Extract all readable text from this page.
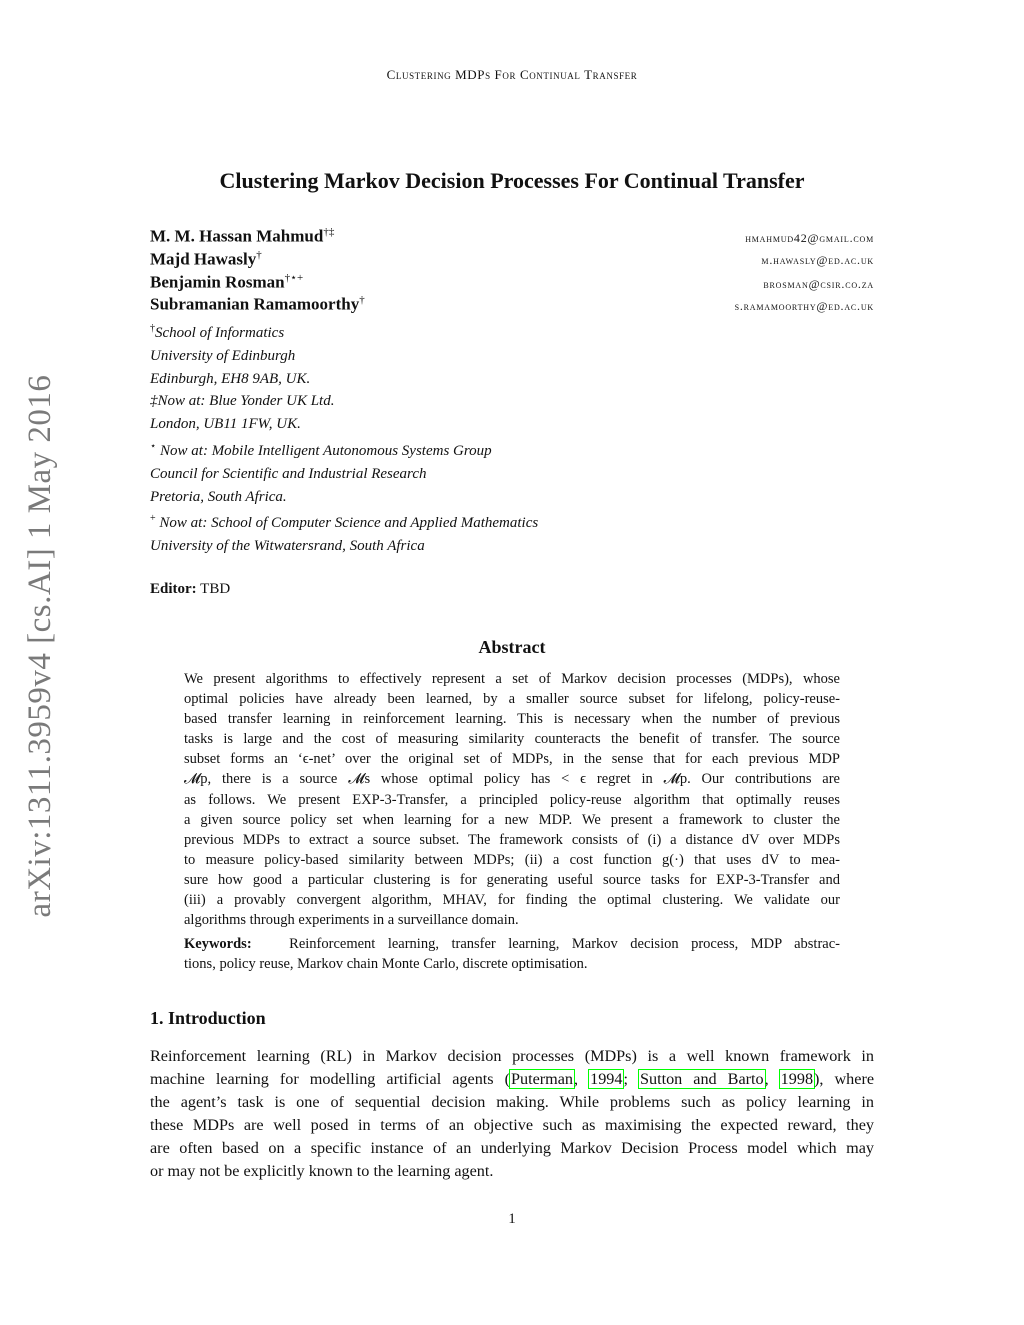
Clustering MDPs For Continual Transfer
Clustering Markov Decision Processes For Continual Transfer
M. M. Hassan Mahmud†‡	hmahmud42@gmail.com
Majd Hawasly†	m.hawasly@ed.ac.uk
Benjamin Rosman†⋆+	brosman@csir.co.za
Subramanian Ramamoorthy†	s.ramamoorthy@ed.ac.uk
†School of Informatics
University of Edinburgh
Edinburgh, EH8 9AB, UK.
‡Now at: Blue Yonder UK Ltd.
London, UB11 1FW, UK.
⋆ Now at: Mobile Intelligent Autonomous Systems Group
Council for Scientific and Industrial Research
Pretoria, South Africa.
+ Now at: School of Computer Science and Applied Mathematics
University of the Witwatersrand, South Africa
Editor: TBD
Abstract
We present algorithms to effectively represent a set of Markov decision processes (MDPs), whose
optimal policies have already been learned, by a smaller source subset for lifelong, policy-reuse-
based transfer learning in reinforcement learning. This is necessary when the number of previous
tasks is large and the cost of measuring similarity counteracts the benefit of transfer. The source
subset forms an ‘ϵ-net’ over the original set of MDPs, in the sense that for each previous MDP
𝓜p, there is a source 𝓜s whose optimal policy has < ϵ regret in 𝓜p. Our contributions are
as follows. We present EXP-3-Transfer, a principled policy-reuse algorithm that optimally reuses
a given source policy set when learning for a new MDP. We present a framework to cluster the
previous MDPs to extract a source subset. The framework consists of (i) a distance dV over MDPs
to measure policy-based similarity between MDPs; (ii) a cost function g(·) that uses dV to mea-
sure how good a particular clustering is for generating useful source tasks for EXP-3-Transfer and
(iii) a provably convergent algorithm, MHAV, for finding the optimal clustering. We validate our
algorithms through experiments in a surveillance domain.
Keywords:	Reinforcement learning, transfer learning, Markov decision process, MDP abstrac-
tions, policy reuse, Markov chain Monte Carlo, discrete optimisation.
1. Introduction
Reinforcement learning (RL) in Markov decision processes (MDPs) is a well known framework in
machine learning for modelling artificial agents (Puterman, 1994; Sutton and Barto, 1998), where
the agent’s task is one of sequential decision making. While problems such as policy learning in
these MDPs are well posed in terms of an objective such as maximising the expected reward, they
are often based on a specific instance of an underlying Markov Decision Process model which may
or may not be explicitly known to the learning agent.
1
arXiv:1311.3959v4 [cs.AI] 1 May 2016
